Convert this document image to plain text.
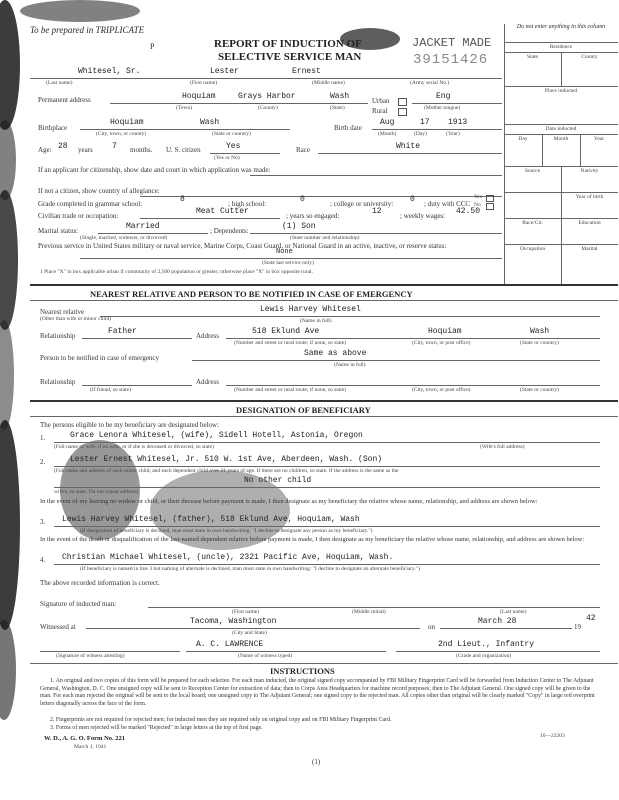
To be prepared in TRIPLICATE
P	REPORT OF INDUCTION OF
SELECTIVE SERVICE MAN
JACKET MADE
39151426
Whitesel, Sr.	Lester	Ernest
(Last name)	(First name)	(Middle name)	(Army serial No.)
Permanent address	Hoquiam	Grays Harbor	Wash	Urban
Rural
Eng
(Town)	(County)	(State)	(Mother tongue)
Birthplace
Hoquiam	Wash
Birth date
Aug	17 1913
(City, town, or county)	(State or country)	(Month)	(Day)	(Year)
Age: 28 years 7 months. U. S. citizen	Yes
(Yes or No)
Race	White
If an applicant for citizenship, show date and court in which application was made:
If not a citizen, show country of allegiance:
Grade completed in grammar school:	8	; high school:	0	; college or university: 0 ; duty with CCC
Yes
No
Civilian trade or occupation:	Meat Cutter	; years so engaged:	12	; weekly wages: 42.50
Marital status:	Married	; Dependents:	(1) Son
(Single, married, widower, or divorced)	(State number and relationship)
Previous service in United States military or naval service, Marine Corps, Coast Guard, or National Guard in an active, inactive, or reserve status:
None
(State last service only)
1 Place "X" in box applicable urban if community of 2,500 population or greater; otherwise place "X" in box opposite rural.
Do not enter anything in this column
Residence
State	County
Place inducted
Date inducted
Day	Month	Year
Source	Nativity
Year of birth
Race/Cit.	Education
Occupation	Marital
NEAREST RELATIVE AND PERSON TO BE NOTIFIED IN CASE OF EMERGENCY
Nearest relative	Lewis Harvey Whitesel
(Other than wife or minor child)	(Name in full)
Relationship	Father	Address	518 Eklund Ave	Hoquiam	Wash
(Number and street or rural route; if none, so state)	(City, town, or post office)	(State or country)
Person to be notified in case of emergency	Same as above
(Name in full)
Relationship	Address
(If friend, so state)	(Number and street or rural route; if none, so state)	(City, town, or post office)	(State or country)
DESIGNATION OF BENEFICIARY
The persons eligible to be my beneficiary are designated below:
1.	Grace Lenora Whitesel, (wife), Sidell Hotell, Astonia, Oregon
(Full name of wife; if no wife, or if she is deceased or divorced, so state)	(Wife's full address)
2.	Lester Ernest Whitesel, Jr. 510 W. 1st Ave, Aberdeen, Wash. (Son)
(Full name and address of each minor child, and each dependent child over 21 years of age. If there are no children, so state. If the address is the same as the
No other child
wife's, so state. Do not repeat address)
In the event of my leaving no widow or child, or their decease before payment is made, I then designate as my beneficiary the relative whose name, relationship, and address are shown below:
3. Lewis Harvey Whitesel, (father), 518 Eklund Ave, Hoquiam, Wash
(If designation of beneficiary is declined, man must state in own handwriting: "I decline to designate any person as my beneficiary.")
In the event of the death or disqualification of the last-named dependent relative before payment is made, I then designate as my beneficiary the relative whose name, relationship, and address are shown below:
4. Christian Michael Whitesel, (uncle), 2321 Pacific Ave, Hoquiam, Wash.
(If beneficiary is named in line 3 but naming of alternate is declined, man must state in own handwriting: "I decline to designate an alternate beneficiary.")
The above recorded information is correct.
Signature of inducted man:
(First name)	(Middle initial)	(Last name)
Witnessed at
Tacoma, Washington
on
March 28
19
42
(City and State)
A. C. LAWRENCE	2nd Lieut., Infantry
(Signature of witness attesting)	(Name of witness typed)	(Grade and organization)
INSTRUCTIONS
1. An original and two copies of this form will be prepared for each selectee. For each man inducted, the original signed copy accompanied by FBI Military Fingerprint Card will be forwarded from Induction Center to The Adjutant General, Washington, D. C. One unsigned copy will be sent to Reception Center for extraction of data; then to Corps Area Headquarters for machine record purposes; then to The Adjutant General. One signed copy will be given to the man. For each man rejected the original will be sent to the local board; one unsigned copy to The Adjutant General; one signed copy to the rejected man. All copies other than original will be clearly marked "Copy" in large red overprint letters diagonally across the face of the form.
2. Fingerprints are not required for rejected men; for inducted men they are required only on original copy and on FBI Military Fingerprint Card.
3. Forms of men rejected will be marked "Rejected" in large letters at the top of first page.
W. D., A. G. O. Form No. 221
March 1, 1941
16—22203
(1)
